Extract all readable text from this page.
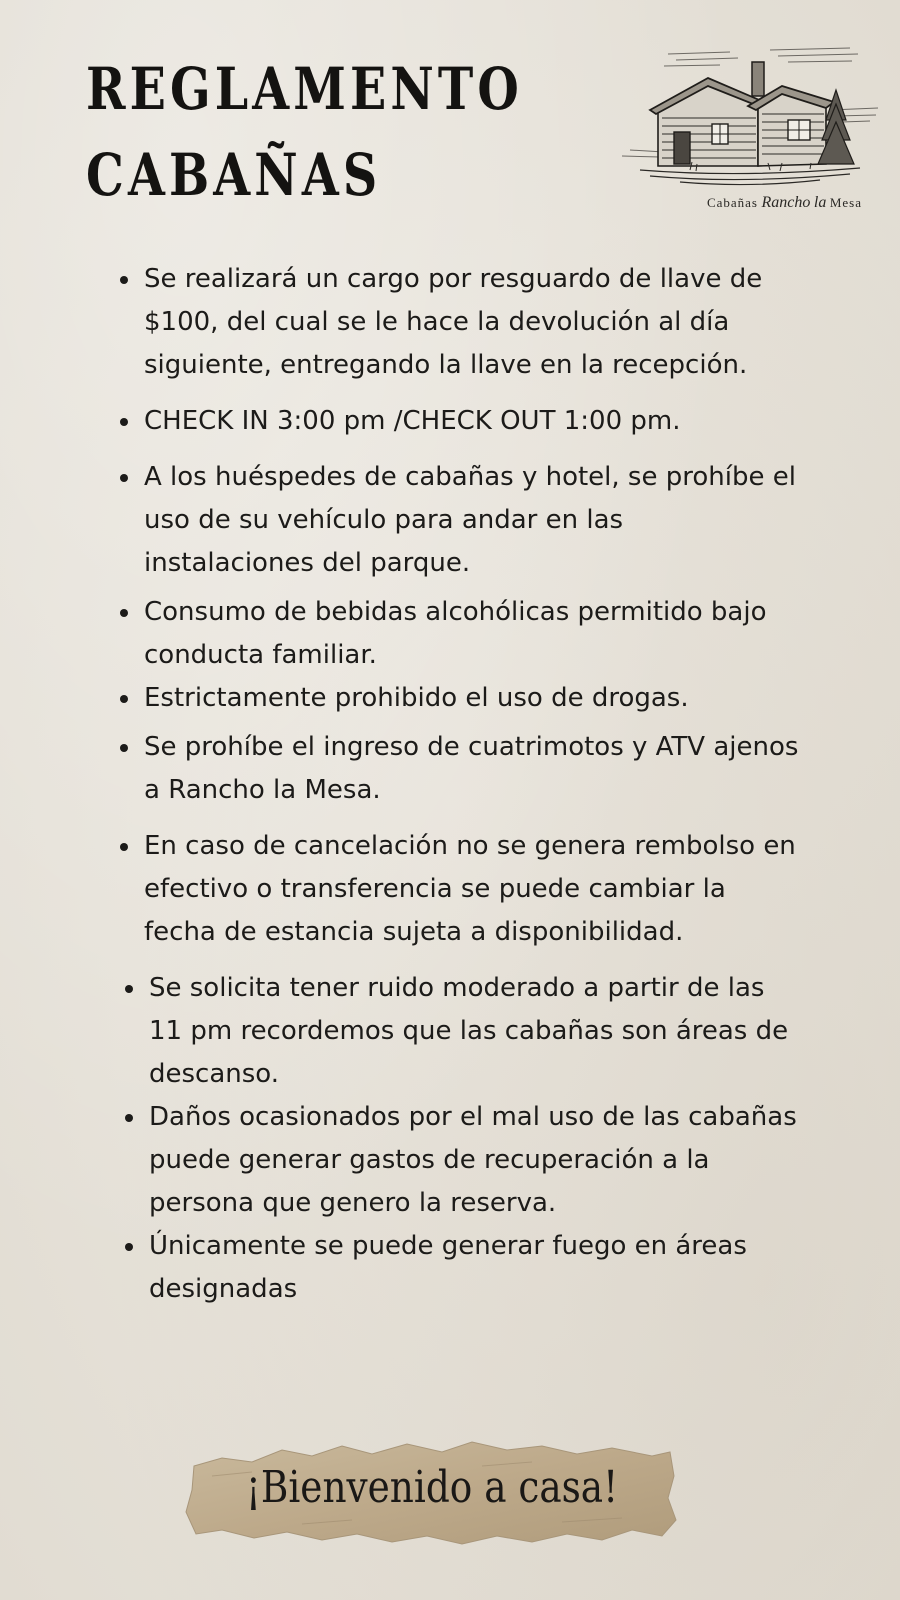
REGLAMENTO
CABAÑAS	Cabañas Rancho la Mesa
Se realizará un cargo por resguardo de llave de $100, del cual se le hace la devolución al día siguiente, entregando la llave en la recepción.
CHECK IN 3:00 pm /CHECK OUT 1:00 pm.
A los huéspedes de cabañas y hotel, se prohíbe el uso de su vehículo para andar en las instalaciones del parque.
Consumo de bebidas alcohólicas permitido bajo conducta familiar.
Estrictamente prohibido el uso de drogas.
Se prohíbe el ingreso de cuatrimotos y ATV ajenos a Rancho la Mesa.
En caso de cancelación no se genera rembolso en efectivo o transferencia se puede cambiar la fecha de estancia sujeta a disponibilidad.
Se solicita tener ruido moderado a partir de las 11 pm recordemos que las cabañas son áreas de descanso.
Daños ocasionados por el mal uso de las cabañas puede generar gastos de recuperación a la persona que genero la reserva.
Únicamente se puede generar fuego en áreas designadas
¡Bienvenido a casa!
